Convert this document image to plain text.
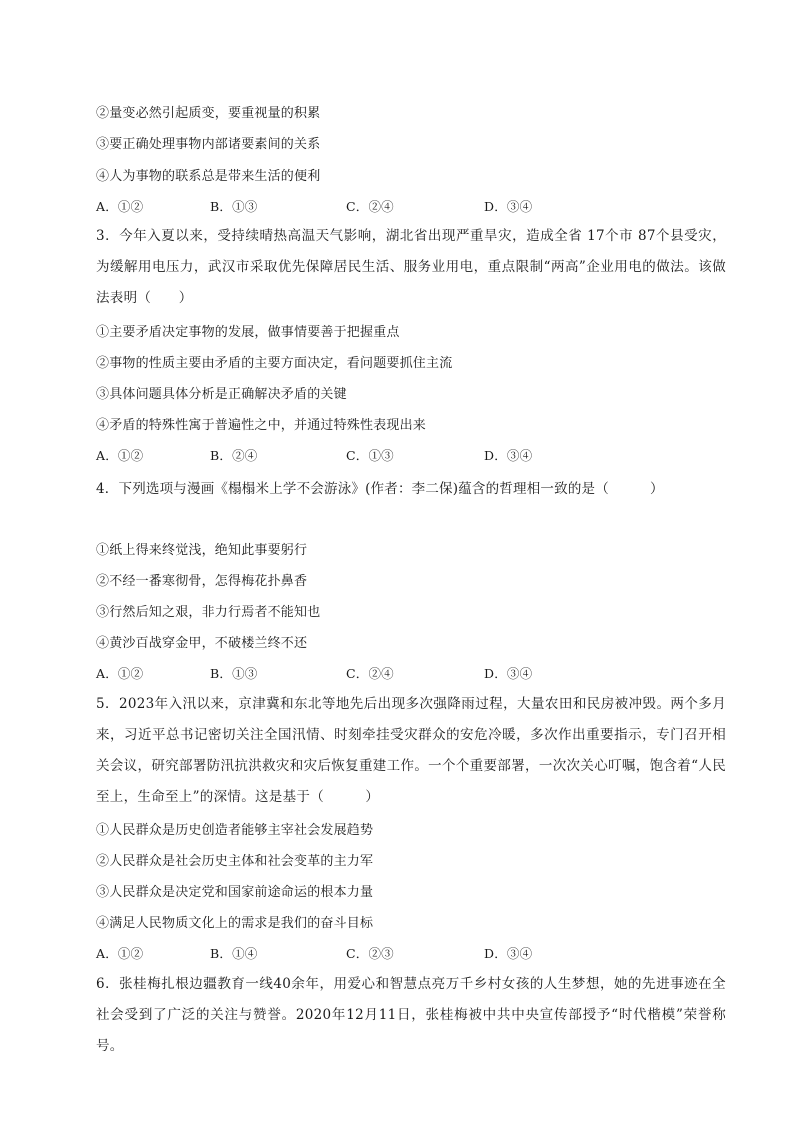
②量变必然引起质变，要重视量的积累
③要正确处理事物内部诸要素间的关系
④人为事物的联系总是带来生活的便利
A．①②	B．①③	C．②④	D．③④
3．今年入夏以来，受持续晴热高温天气影响，湖北省出现严重旱灾，造成全省 17个市 87个县受灾，为缓解用电压力，武汉市采取优先保障居民生活、服务业用电，重点限制“两高”企业用电的做法。该做法表明（　　）
①主要矛盾决定事物的发展，做事情要善于把握重点
②事物的性质主要由矛盾的主要方面决定，看问题要抓住主流
③具体问题具体分析是正确解决矛盾的关键
④矛盾的特殊性寓于普遍性之中，并通过特殊性表现出来
A．①②	B．②④	C．①③	D．③④
4．下列选项与漫画《榻榻米上学不会游泳》(作者：李二保)蕴含的哲理相一致的是（　　　）
①纸上得来终觉浅，绝知此事要躬行
②不经一番寒彻骨，怎得梅花扑鼻香
③行然后知之艰，非力行焉者不能知也
④黄沙百战穿金甲，不破楼兰终不还
A．①②	B．①③	C．②④	D．③④
5．2023年入汛以来，京津冀和东北等地先后出现多次强降雨过程，大量农田和民房被冲毁。两个多月来，习近平总书记密切关注全国汛情、时刻牵挂受灾群众的安危冷暖，多次作出重要指示，专门召开相关会议，研究部署防汛抗洪救灾和灾后恢复重建工作。一个个重要部署，一次次关心叮嘱，饱含着“人民至上，生命至上”的深情。这是基于（　　　）
①人民群众是历史创造者能够主宰社会发展趋势
②人民群众是社会历史主体和社会变革的主力军
③人民群众是决定党和国家前途命运的根本力量
④满足人民物质文化上的需求是我们的奋斗目标
A．①②	B．①④	C．②③	D．③④
6．张桂梅扎根边疆教育一线40余年，用爱心和智慧点亮万千乡村女孩的人生梦想，她的先进事迹在全社会受到了广泛的关注与赞誉。2020年12月11日，张桂梅被中共中央宣传部授予“时代楷模”荣誉称号。
